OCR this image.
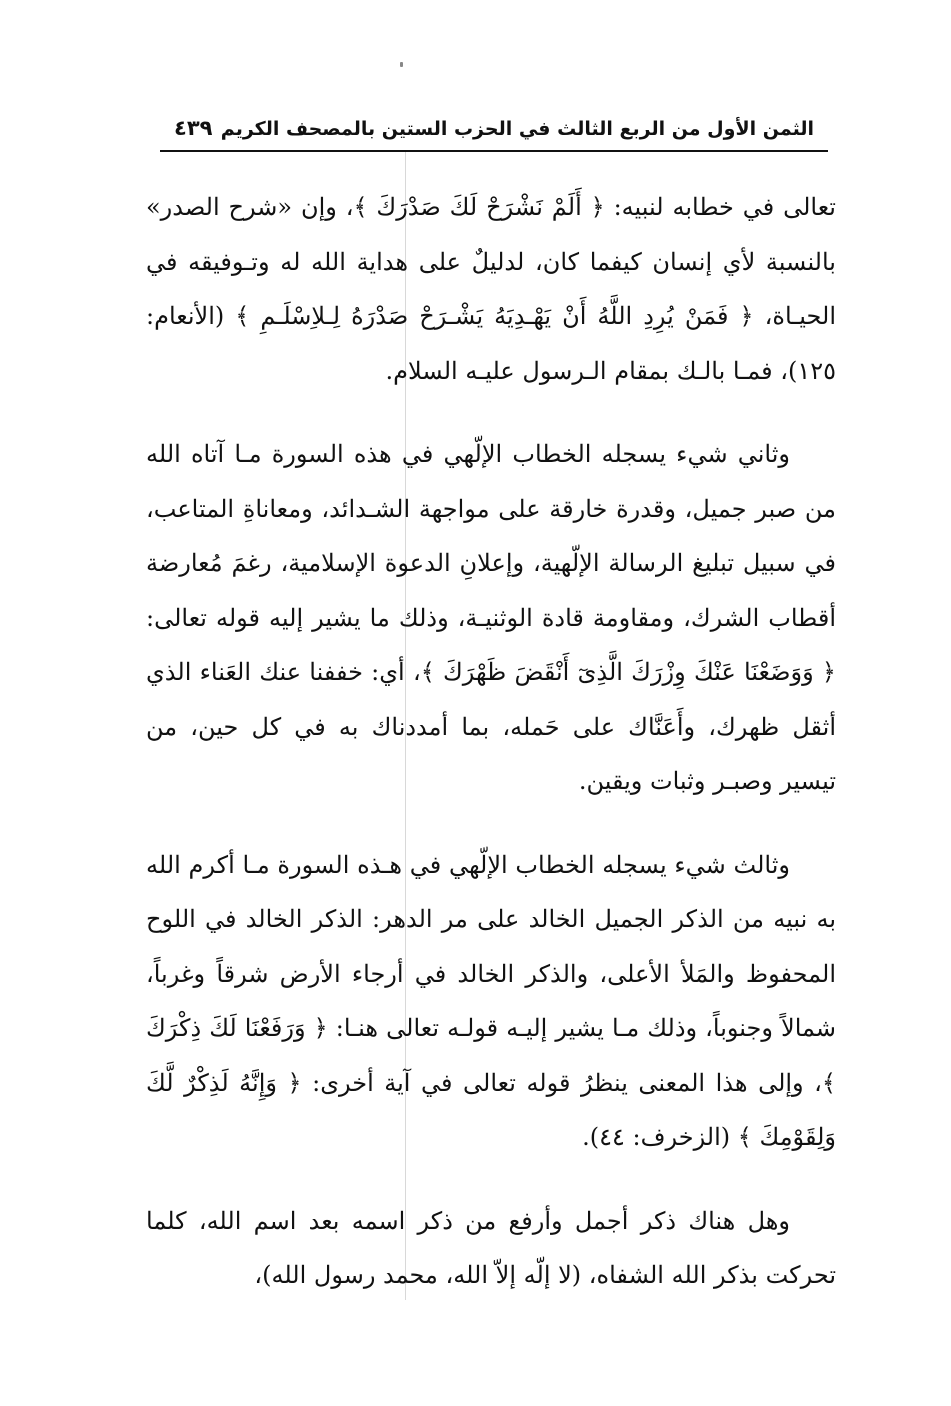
الثمن الأول من الربع الثالث في الحزب الستين بالمصحف الكريم
٤٣٩

تعالى في خطابه لنبيه: ﴿ أَلَمْ نَشْرَحْ لَكَ صَدْرَكَ ﴾، وإن «شرح الصدر» بالنسبة لأي إنسان كيفما كان، لدليلٌ على هداية الله له وتـوفيقه في الحيـاة، ﴿ فَمَنْ يُرِدِ اللَّهُ أَنْ يَهْـدِيَهُ يَشْـرَحْ صَدْرَهُ لِـلاِسْلَـمِ ﴾ (الأنعام: ١٢٥)، فمـا بالـك بمقام الـرسول عليـه السلام.

وثاني شيء يسجله الخطاب الإلّهي في هذه السورة مـا آتاه الله من صبر جميل، وقدرة خارقة على مواجهة الشـدائد، ومعاناةِ المتاعب، في سبيل تبليغ الرسالة الإلّهية، وإعلانِ الدعوة الإسلامية، رغمَ مُعارضة أقطاب الشرك، ومقاومة قادة الوثنيـة، وذلك ما يشير إليه قوله تعالى: ﴿ وَوَضَعْنَا عَنْكَ وِزْرَكَ الَّذِىٓ أَنْقَضَ ظَهْرَكَ ﴾، أي: خففنا عنك العَناء الذي أثقل ظهرك، وأَعَنَّاك على حَمله، بما أمددناك به في كل حين، من تيسير وصبـر وثبات ويقين.

وثالث شيء يسجله الخطاب الإلّهي في هـذه السورة مـا أكرم الله به نبيه من الذكر الجميل الخالد على مر الدهر: الذكر الخالد في اللوح المحفوظ والمَلأ الأعلى، والذكر الخالد في أرجاء الأرض شرقاً وغرباً، شمالاً وجنوباً، وذلك مـا يشير إليـه قولـه تعالى هنـا: ﴿ وَرَفَعْنَا لَكَ ذِكْرَكَ ﴾، وإلى هذا المعنى ينظرُ قوله تعالى في آية أخرى: ﴿ وَإِنَّهُ لَذِكْرٌ لَّكَ وَلِقَوْمِكَ ﴾ (الزخرف: ٤٤).

وهل هناك ذكر أجمل وأرفع من ذكر اسمه بعد اسم الله، كلما تحركت بذكر الله الشفاه، (لا إلّه إلاّ الله، محمد رسول الله)،
